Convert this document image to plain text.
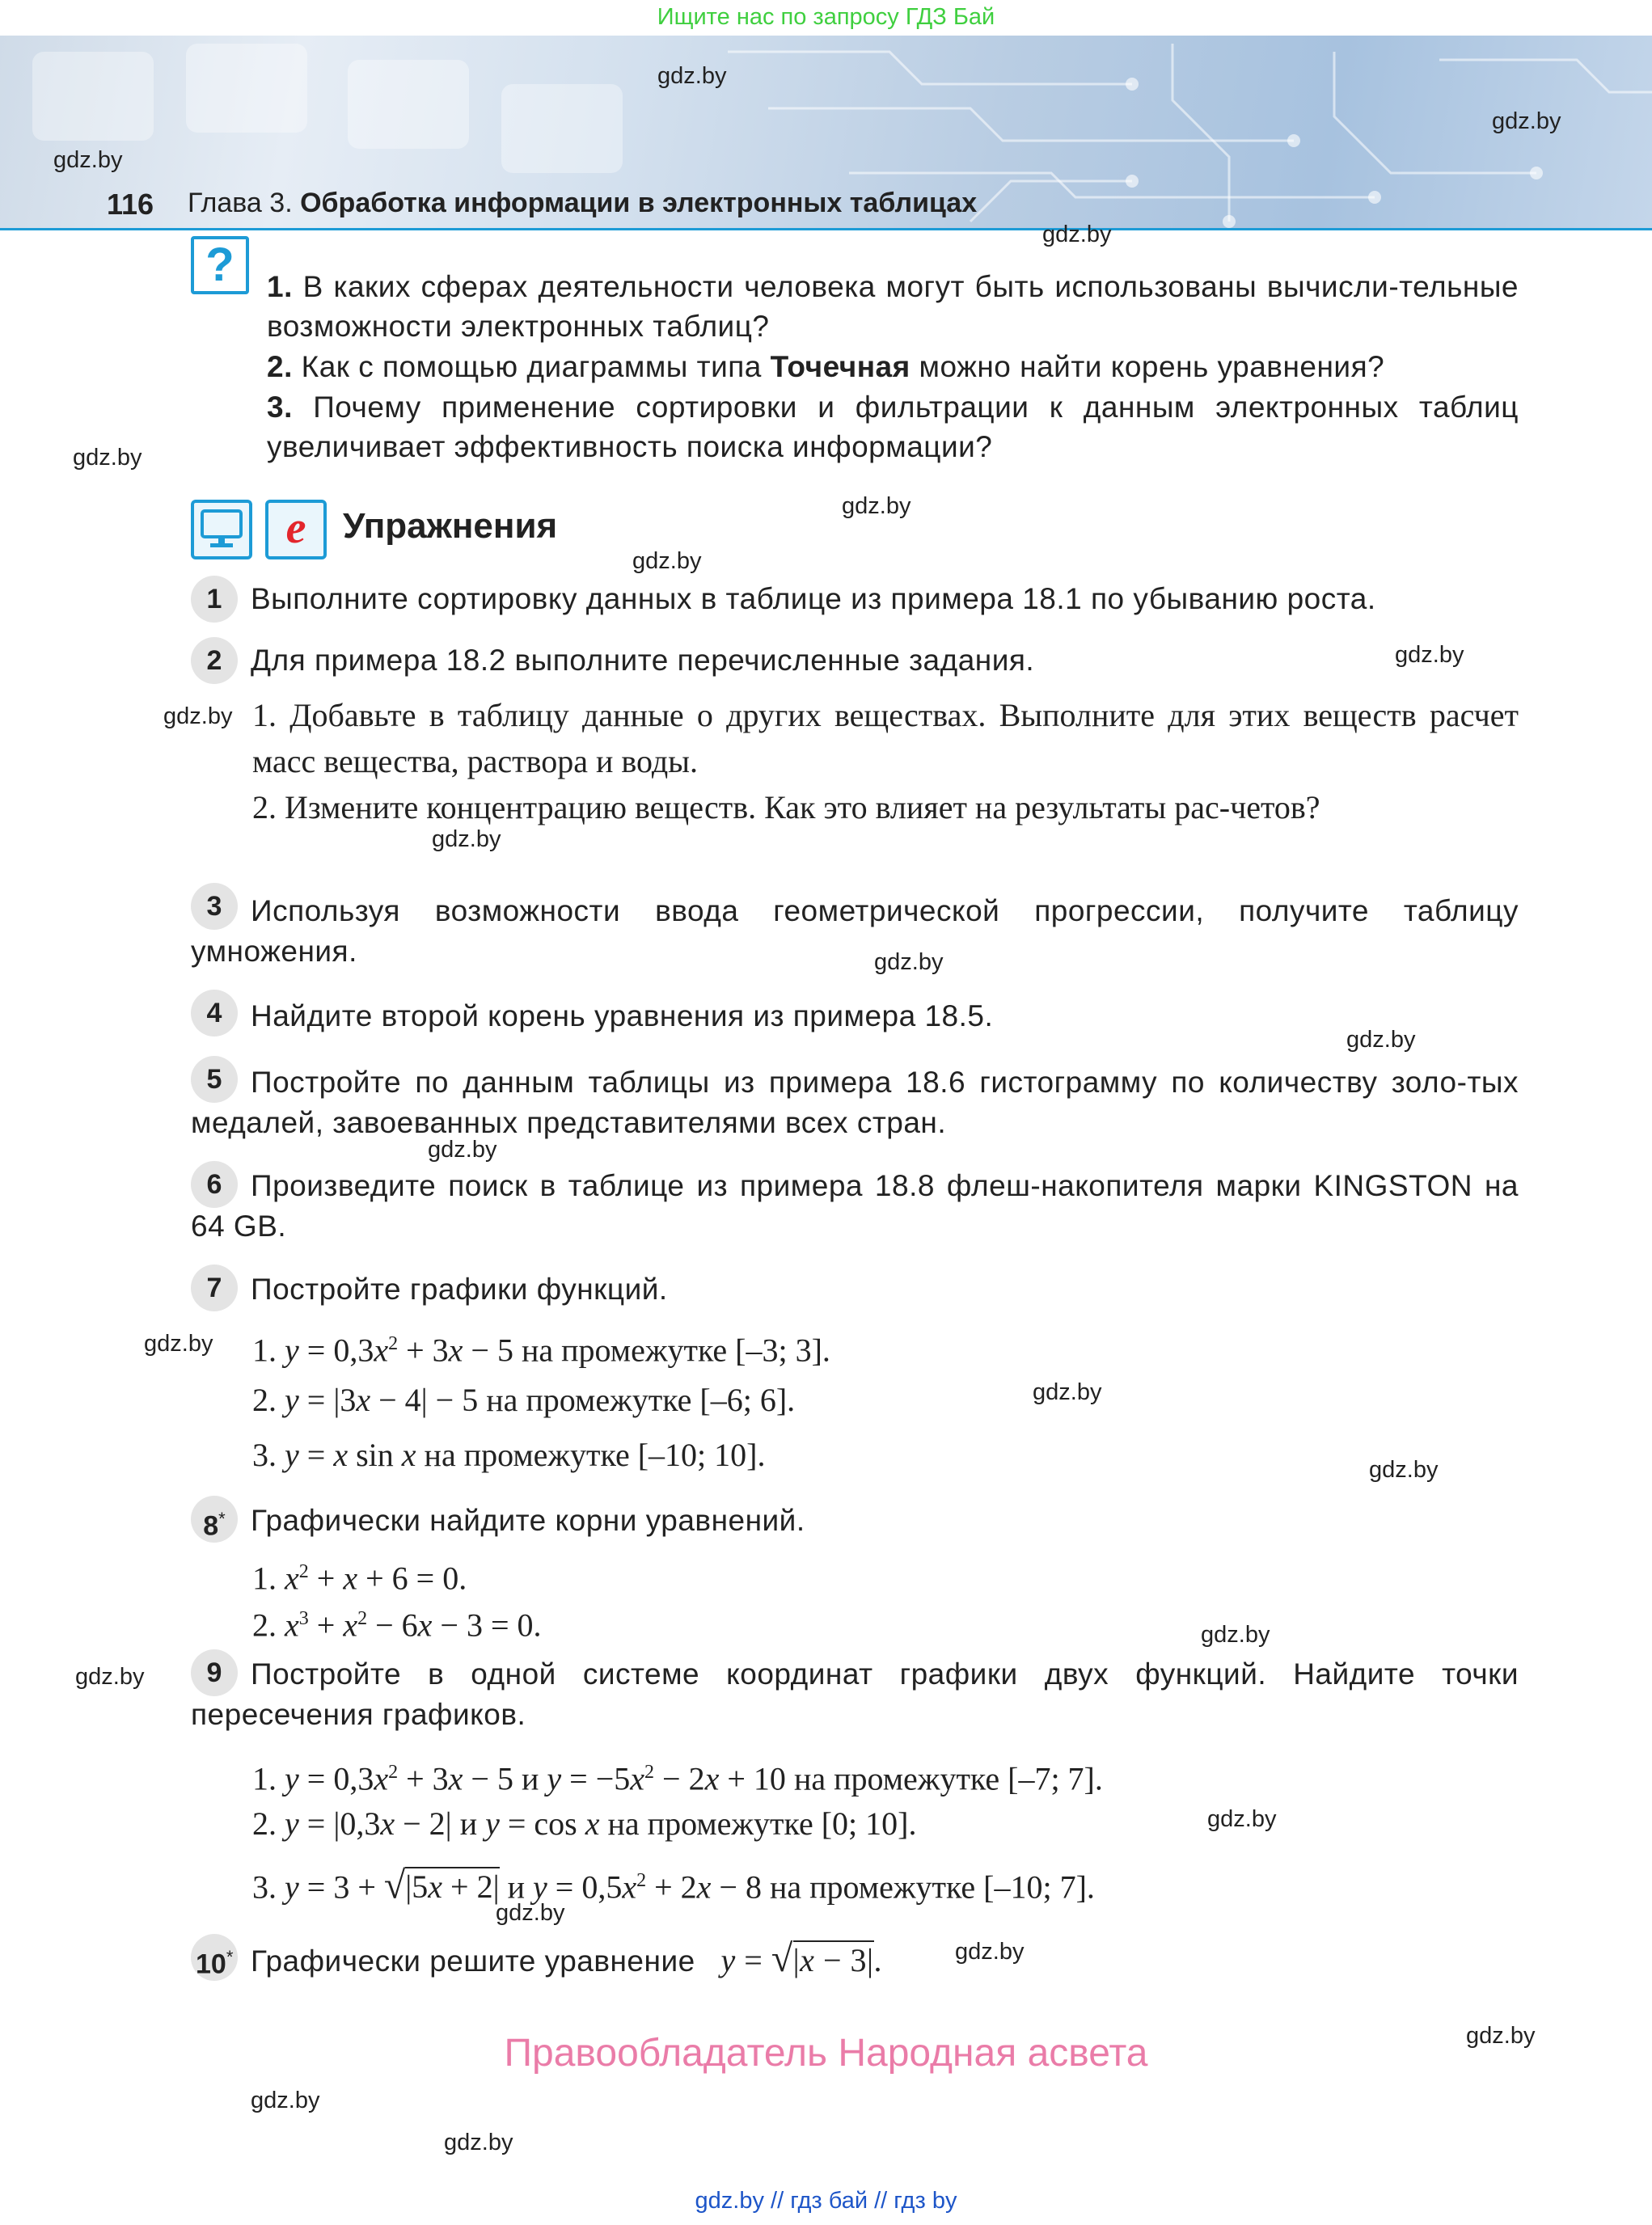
Ищите нас по запросу ГДЗ Бай
116 Глава 3. Обработка информации в электронных таблицах
gdz.by
gdz.by
gdz.by
gdz.by
gdz.by
gdz.by
gdz.by
gdz.by
gdz.by
gdz.by
gdz.by
gdz.by
gdz.by
gdz.by
gdz.by
gdz.by
gdz.by
gdz.by
gdz.by
gdz.by
gdz.by
gdz.by
gdz.by
gdz.by
?	1. В каких сферах деятельности человека могут быть использованы вычисли-тельные возможности электронных таблиц?
2. Как с помощью диаграммы типа Точечная можно найти корень уравнения?
3. Почему применение сортировки и фильтрации к данным электронных таблиц увеличивает эффективность поиска информации?
e	Упражнения
1 Выполните сортировку данных в таблице из примера 18.1 по убыванию роста.
2 Для примера 18.2 выполните перечисленные задания.
1. Добавьте в таблицу данные о других веществах. Выполните для этих веществ расчет масс вещества, раствора и воды.
2. Измените концентрацию веществ. Как это влияет на результаты рас-четов?
3 Используя возможности ввода геометрической прогрессии, получите таблицу умножения.
4 Найдите второй корень уравнения из примера 18.5.
5 Постройте по данным таблицы из примера 18.6 гистограмму по количеству золо-тых медалей, завоеванных представителями всех стран.
6 Произведите поиск в таблице из примера 18.8 флеш-накопителя марки KINGSTON на 64 GB.
7 Постройте графики функций.
1. $y = 0,3x^2 + 3x - 5$ на промежутке [–3; 3].
2. y = |3x − 4| − 5 на промежутке [–6; 6].
3. y = x sin x на промежутке [–10; 10].
8* Графически найдите корни уравнений.
1. $x^2 + x + 6 = 0$.
2. $x^3 + x^2 - 6x - 3 = 0$.
9 Постройте в одной системе координат графики двух функций. Найдите точки пересечения графиков.
1. $y = 0,3x^2 + 3x - 5$ и $y = -5x^2 - 2x + 10$ на промежутке [–7; 7].
2. y = |0,3x − 2| и y = cos x на промежутке [0; 10].
3. y = 3 + √|5x + 2| и $y = 0,5x^2 + 2x - 8$ на промежутке [–10; 7].
10* Графически решите уравнение y = √|x − 3|.
Правообладатель Народная асвета
gdz.by // гдз бай // гдз by
